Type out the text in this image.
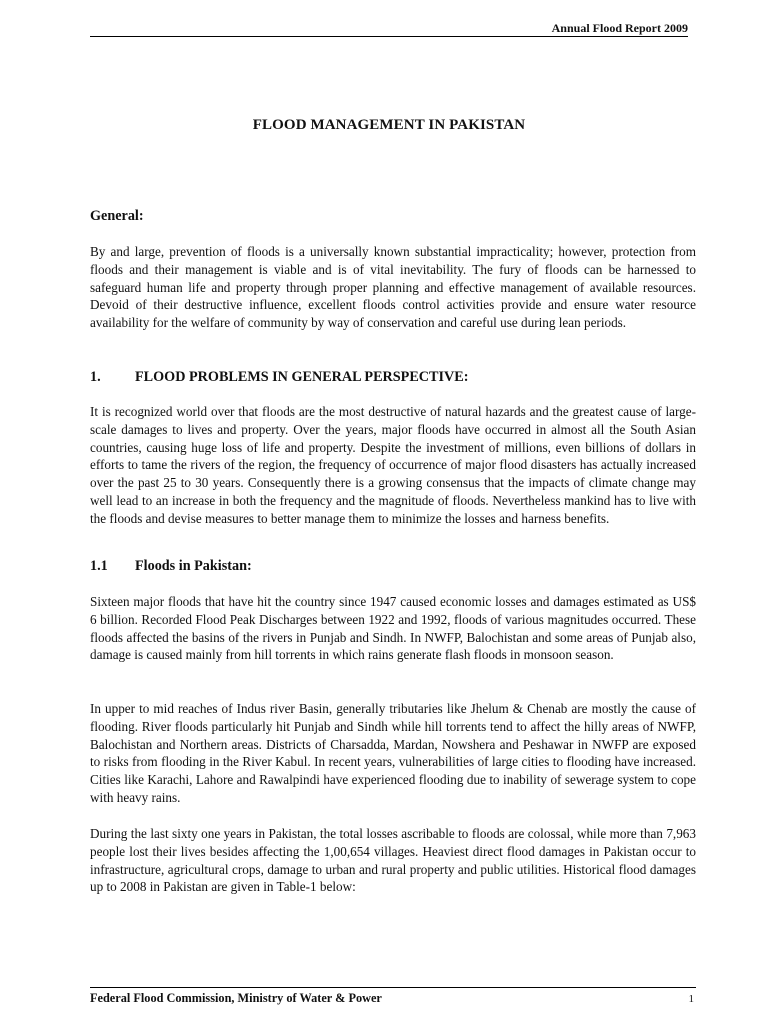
Annual Flood Report 2009
FLOOD MANAGEMENT IN PAKISTAN
General:
By and large, prevention of floods is a universally known substantial impracticality; however, protection from floods and their management is viable and is of vital inevitability. The fury of floods can be harnessed to safeguard human life and property through proper planning and effective management of available resources. Devoid of their destructive influence, excellent floods control activities provide and ensure water resource availability for the welfare of community by way of conservation and careful use during lean periods.
1. FLOOD PROBLEMS IN GENERAL PERSPECTIVE:
It is recognized world over that floods are the most destructive of natural hazards and the greatest cause of large-scale damages to lives and property. Over the years, major floods have occurred in almost all the South Asian countries, causing huge loss of life and property. Despite the investment of millions, even billions of dollars in efforts to tame the rivers of the region, the frequency of occurrence of major flood disasters has actually increased over the past 25 to 30 years. Consequently there is a growing consensus that the impacts of climate change may well lead to an increase in both the frequency and the magnitude of floods. Nevertheless mankind has to live with the floods and devise measures to better manage them to minimize the losses and harness benefits.
1.1 Floods in Pakistan:
Sixteen major floods that have hit the country since 1947 caused economic losses and damages estimated as US$ 6 billion. Recorded Flood Peak Discharges between 1922 and 1992, floods of various magnitudes occurred. These floods affected the basins of the rivers in Punjab and Sindh. In NWFP, Balochistan and some areas of Punjab also, damage is caused mainly from hill torrents in which rains generate flash floods in monsoon season.
In upper to mid reaches of Indus river Basin, generally tributaries like Jhelum & Chenab are mostly the cause of flooding. River floods particularly hit Punjab and Sindh while hill torrents tend to affect the hilly areas of NWFP, Balochistan and Northern areas. Districts of Charsadda, Mardan, Nowshera and Peshawar in NWFP are exposed to risks from flooding in the River Kabul. In recent years, vulnerabilities of large cities to flooding have increased. Cities like Karachi, Lahore and Rawalpindi have experienced flooding due to inability of sewerage system to cope with heavy rains.
During the last sixty one years in Pakistan, the total losses ascribable to floods are colossal, while more than 7,963 people lost their lives besides affecting the 1,00,654 villages. Heaviest direct flood damages in Pakistan occur to infrastructure, agricultural crops, damage to urban and rural property and public utilities. Historical flood damages up to 2008 in Pakistan are given in Table-1 below:
Federal Flood Commission, Ministry of Water & Power	1
